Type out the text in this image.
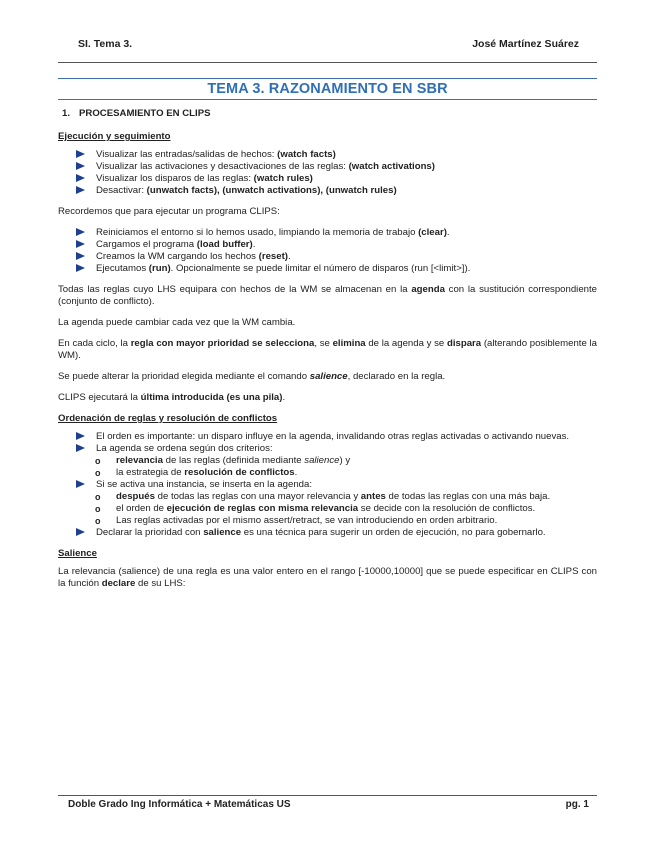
SI. Tema 3.	José Martínez Suárez
TEMA 3. RAZONAMIENTO EN SBR
1. PROCESAMIENTO EN CLIPS
Ejecución y seguimiento
Visualizar las entradas/salidas de hechos: (watch facts)
Visualizar las activaciones y desactivaciones de las reglas: (watch activations)
Visualizar los disparos de las reglas: (watch rules)
Desactivar: (unwatch facts), (unwatch activations), (unwatch rules)

Recordemos que para ejecutar un programa CLIPS:

Reiniciamos el entorno si lo hemos usado, limpiando la memoria de trabajo (clear).
Cargamos el programa (load buffer).
Creamos la WM cargando los hechos (reset).
Ejecutamos (run). Opcionalmente se puede limitar el número de disparos (run [<limit>]).

Todas las reglas cuyo LHS equipara con hechos de la WM se almacenan en la agenda con la sustitución correspondiente (conjunto de conflicto).

La agenda puede cambiar cada vez que la WM cambia.

En cada ciclo, la regla con mayor prioridad se selecciona, se elimina de la agenda y se dispara (alterando posiblemente la WM).

Se puede alterar la prioridad elegida mediante el comando salience, declarado en la regla.

CLIPS ejecutará la última introducida (es una pila).

Ordenación de reglas y resolución de conflictos
El orden es importante: un disparo influye en la agenda, invalidando otras reglas activadas o activando nuevas.
La agenda se ordena según dos criterios:
o relevancia de las reglas (definida mediante salience) y
o la estrategia de resolución de conflictos.
Si se activa una instancia, se inserta en la agenda:
o después de todas las reglas con una mayor relevancia y antes de todas las reglas con una más baja.
o el orden de ejecución de reglas con misma relevancia se decide con la resolución de conflictos.
o Las reglas activadas por el mismo assert/retract, se van introduciendo en orden arbitrario.
Declarar la prioridad con salience es una técnica para sugerir un orden de ejecución, no para gobernarlo.
Salience

La relevancia (salience) de una regla es una valor entero en el rango [-10000,10000] que se puede especificar en CLIPS con la función declare de su LHS:

Doble Grado Ing Informática + Matemáticas US	pg. 1
